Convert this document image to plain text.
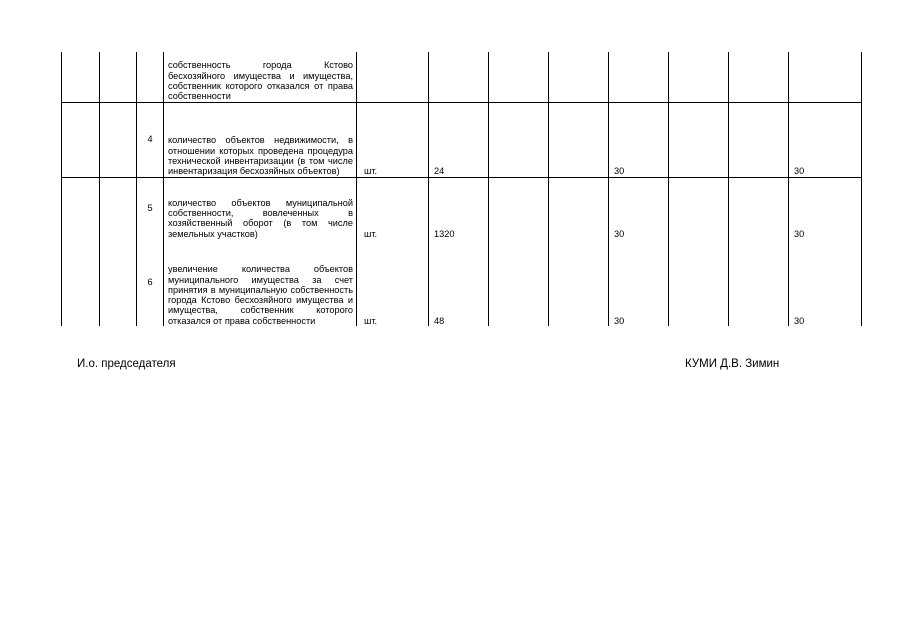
			собственность города Кстово бесхозяйного имущества и имущества, собственник которого отказался от права собственности								
		4	количество объектов недвижимости, в отношении которых проведена процедура технической инвентаризации (в том числе инвентаризация бесхозяйных объектов)	шт.	24			30			30
		5	количество объектов муниципальной собственности, вовлеченных в хозяйственный оборот (в том числе земельных участков)	шт.	1320			30			30
		6	увеличение количества объектов муниципального имущества за счет принятия в муниципальную собственность города Кстово бесхозяйного имущества и имущества, собственник которого отказался от права собственности	шт.	48			30			30
И.о. председателя	КУМИ Д.В. Зимин
